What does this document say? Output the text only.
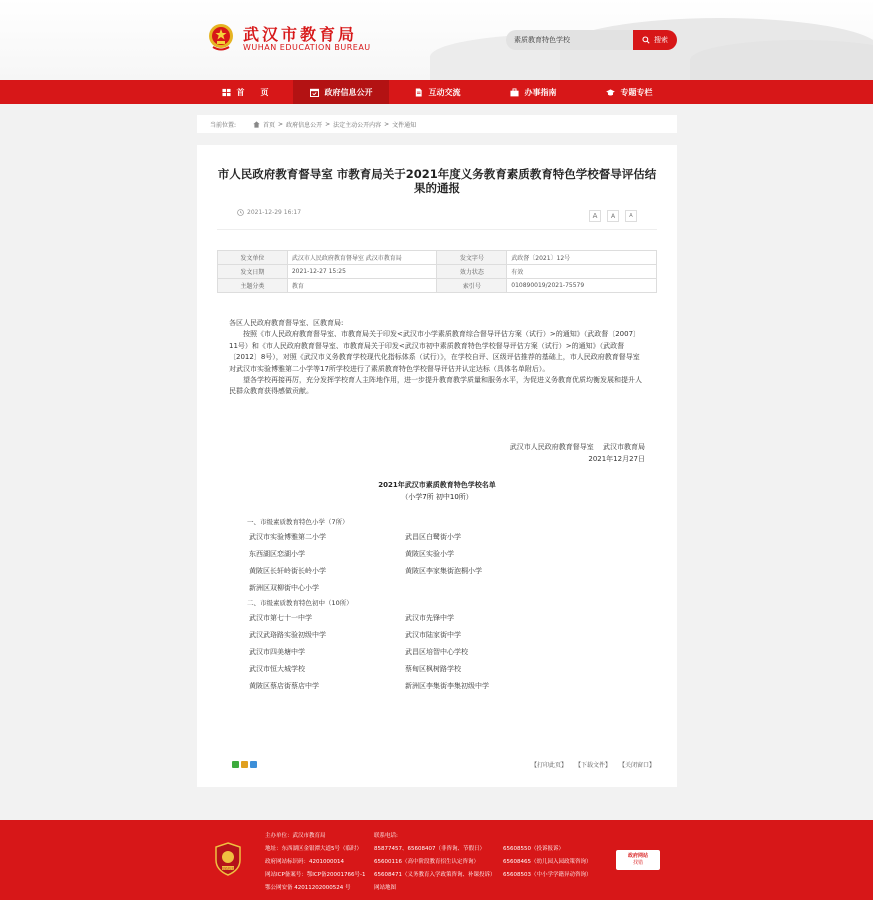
武汉市教育局
WUHAN EDUCATION BUREAU
素质教育特色学校
搜索
首　　页	政府信息公开	互动交流	办事指南	专题专栏
当前位置:	首页 > 政府信息公开 > 法定主动公开内容 > 文件通知
市人民政府教育督导室 市教育局关于2021年度义务教育素质教育特色学校督导评估结果的通报
2021-12-29 16:17	A	A	A
发文单位	武汉市人民政府教育督导室 武汉市教育局	发文字号	武政督〔2021〕12号
发文日期	2021-12-27 15:25	效力状态	有效
主题分类	教育	索引号	010890019/2021-75579

各区人民政府教育督导室、区教育局:

按照《市人民政府教育督导室、市教育局关于印发<武汉市小学素质教育综合督导评估方案（试行）>的通知》（武政督〔2007〕11号）和《市人民政府教育督导室、市教育局关于印发<武汉市初中素质教育特色学校督导评估方案（试行）>的通知》（武政督〔2012〕8号），对照《武汉市义务教育学校现代化指标体系（试行）》，在学校自评、区级评估推荐的基础上，市人民政府教育督导室对武汉市实验博雅第二小学等17所学校进行了素质教育特色学校督导评估并认定达标（具体名单附后）。

望各学校再接再厉，充分发挥学校育人主阵地作用，进一步提升教育教学质量和服务水平，为促进义务教育优质均衡发展和提升人民群众教育获得感做贡献。

武汉市人民政府教育督导室　 武汉市教育局
2021年12月27日
2021年武汉市素质教育特色学校名单
（小学7所 初中10所）
一、市级素质教育特色小学（7所）
武汉市实验博雅第二小学	武昌区白鹭街小学
东西湖区恋湖小学	黄陂区实验小学
黄陂区长轩岭街长岭小学	黄陂区李家集街泡桐小学
新洲区双柳街中心小学
二、市级素质教育特色初中（10所）
武汉市第七十一中学	武汉市先锋中学
武汉武珞路实验初级中学	武汉市陆家街中学
武汉市四美塘中学	武昌区培智中心学校
武汉市恒大城学校	蔡甸区枫树路学校
黄陂区蔡店街蔡店中学	新洲区李集街李集初级中学
【打印此页】 【下载文件】 【关闭窗口】
党政机关
主办单位：武汉市教育局
地址：东西湖区金银潭大道5号（临时）
政府网站标识码：4201000014
网站ICP备案号：鄂ICP备20001766号-1
鄂公网安备 42011202000524 号
联系电话:
85877457、65608407（非咨询、节假日）
65600116（高中阶段教育招生认定咨询）
65608471（义务教育入学政策咨询、补课投诉）
网站地图

65608550（投诉报诉）
65608465（幼儿园入园政策咨询）
65608503（中小学学籍异动咨询）
政府网站
找错
